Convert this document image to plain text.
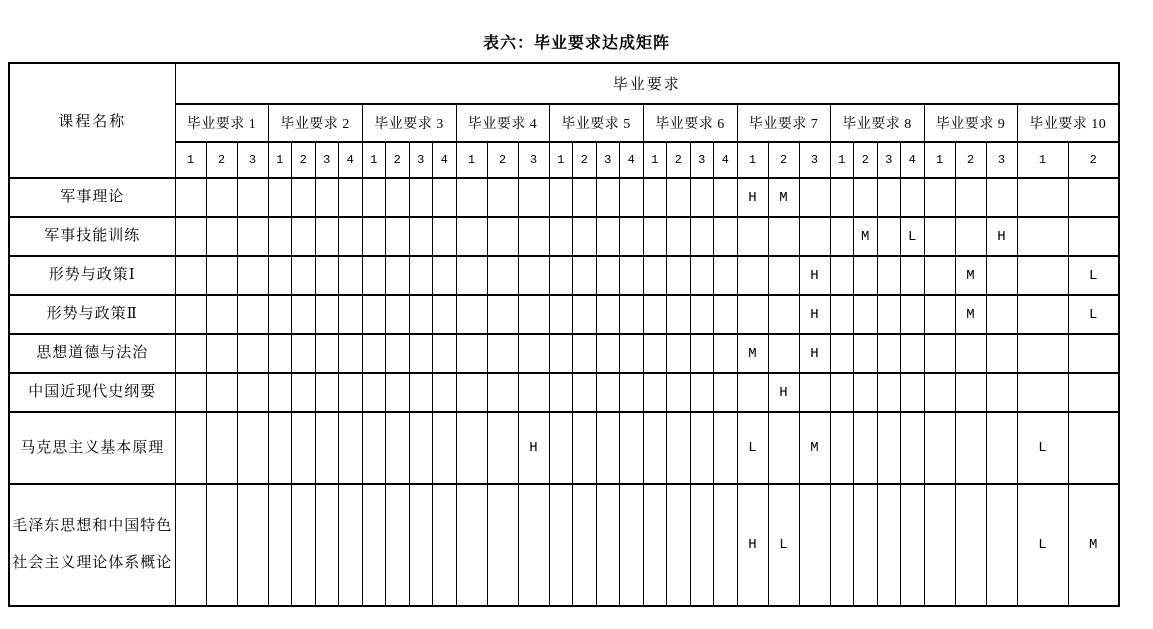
表六：毕业要求达成矩阵
课程名称	毕业要求																																	
	毕业要求 1			毕业要求 2				毕业要求 3				毕业要求 4			毕业要求 5				毕业要求 6				毕业要求 7			毕业要求 8				毕业要求 9			毕业要求 10	
	1	2	3	1	2	3	4	1	2	3	4	1	2	3	1	2	3	4	1	2	3	4	1	2	3	1	2	3	4	1	2	3	1	2
军事理论																							H	M										
军事技能训练																											M		L			H		
形势与政策Ⅰ																									H						M			L
形势与政策Ⅱ																									H						M			L
思想道德与法治																							M		H									
中国近现代史纲要																								H										
马克思主义基本原理														H									L		M								L	
毛泽东思想和中国特色社会主义理论体系概论																							H	L									L	M
